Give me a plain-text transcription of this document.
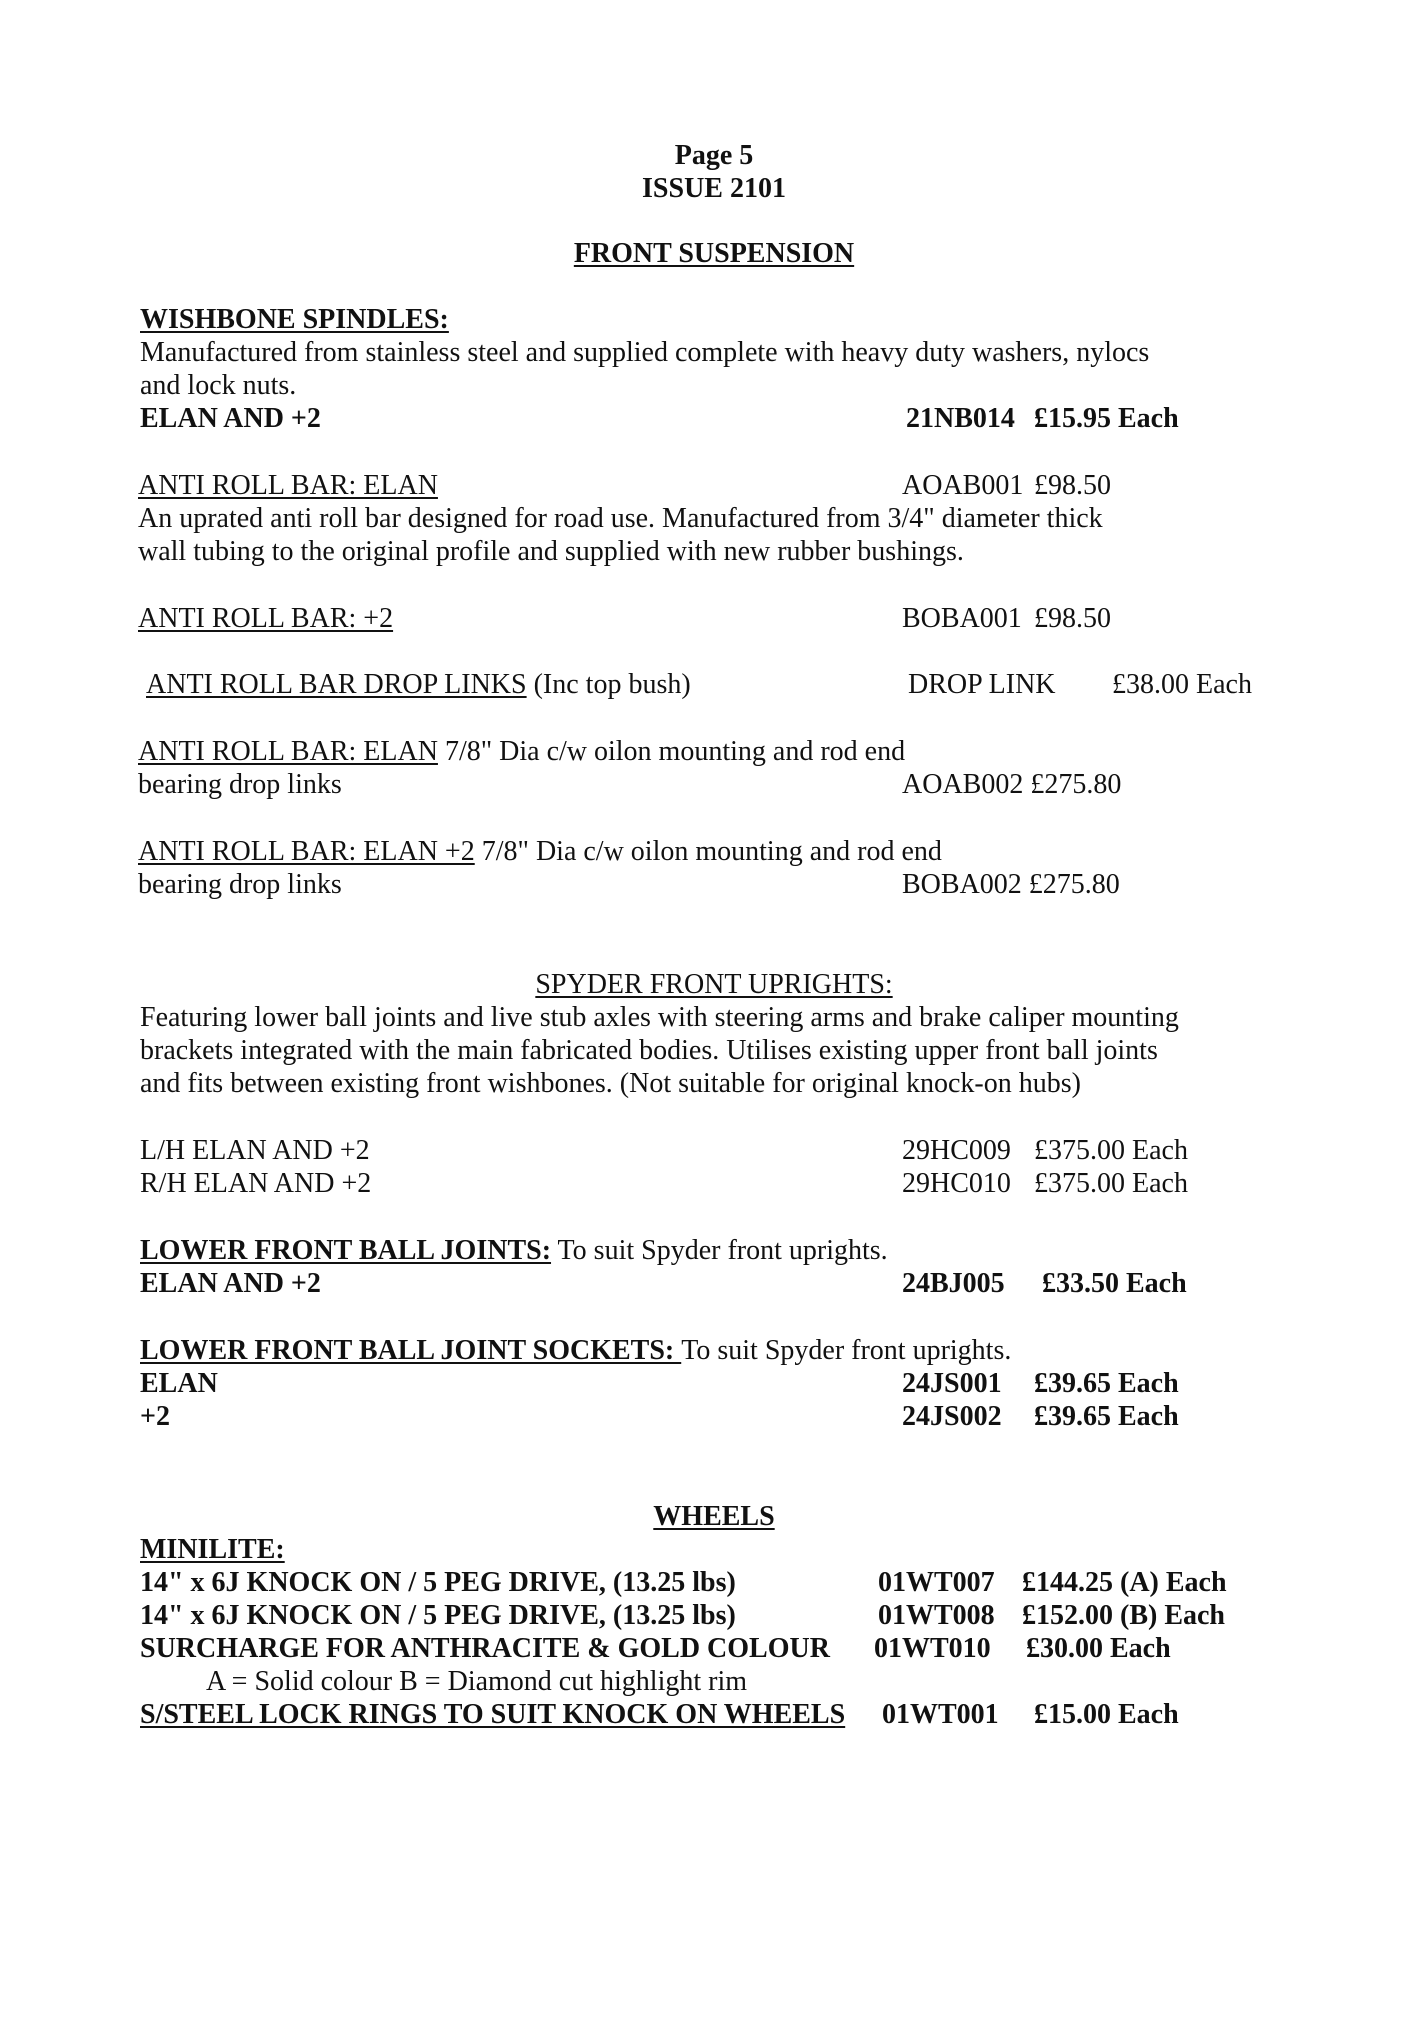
Page 5
ISSUE 2101
FRONT SUSPENSION
WISHBONE SPINDLES:
Manufactured from stainless steel and supplied complete with heavy duty washers, nylocs
and lock nuts.
ELAN AND +2	21NB014 £15.95 Each
ANTI ROLL BAR: ELAN	AOAB001 £98.50
An uprated anti roll bar designed for road use. Manufactured from 3/4" diameter thick
wall tubing to the original profile and supplied with new rubber bushings.
ANTI ROLL BAR: +2	BOBA001 £98.50
ANTI ROLL BAR DROP LINKS (Inc top bush)	DROP LINK £38.00 Each
ANTI ROLL BAR: ELAN 7/8" Dia c/w oilon mounting and rod end
bearing drop links	AOAB002 £275.80
ANTI ROLL BAR: ELAN +2 7/8" Dia c/w oilon mounting and rod end
bearing drop links	BOBA002 £275.80
SPYDER FRONT UPRIGHTS:
Featuring lower ball joints and live stub axles with steering arms and brake caliper mounting
brackets integrated with the main fabricated bodies. Utilises existing upper front ball joints
and fits between existing front wishbones. (Not suitable for original knock-on hubs)
L/H ELAN AND +2	29HC009 £375.00 Each
R/H ELAN AND +2	29HC010 £375.00 Each
LOWER FRONT BALL JOINTS: To suit Spyder front uprights.
ELAN AND +2	24BJ005 £33.50 Each
LOWER FRONT BALL JOINT SOCKETS: To suit Spyder front uprights.
ELAN	24JS001 £39.65 Each
+2	24JS002 £39.65 Each
WHEELS
MINILITE:
14" x 6J KNOCK ON / 5 PEG DRIVE, (13.25 lbs)	01WT007 £144.25 (A) Each
14" x 6J KNOCK ON / 5 PEG DRIVE, (13.25 lbs)	01WT008 £152.00 (B) Each
SURCHARGE FOR ANTHRACITE & GOLD COLOUR 01WT010 £30.00 Each
A = Solid colour B = Diamond cut highlight rim
S/STEEL LOCK RINGS TO SUIT KNOCK ON WHEELS 01WT001 £15.00 Each
